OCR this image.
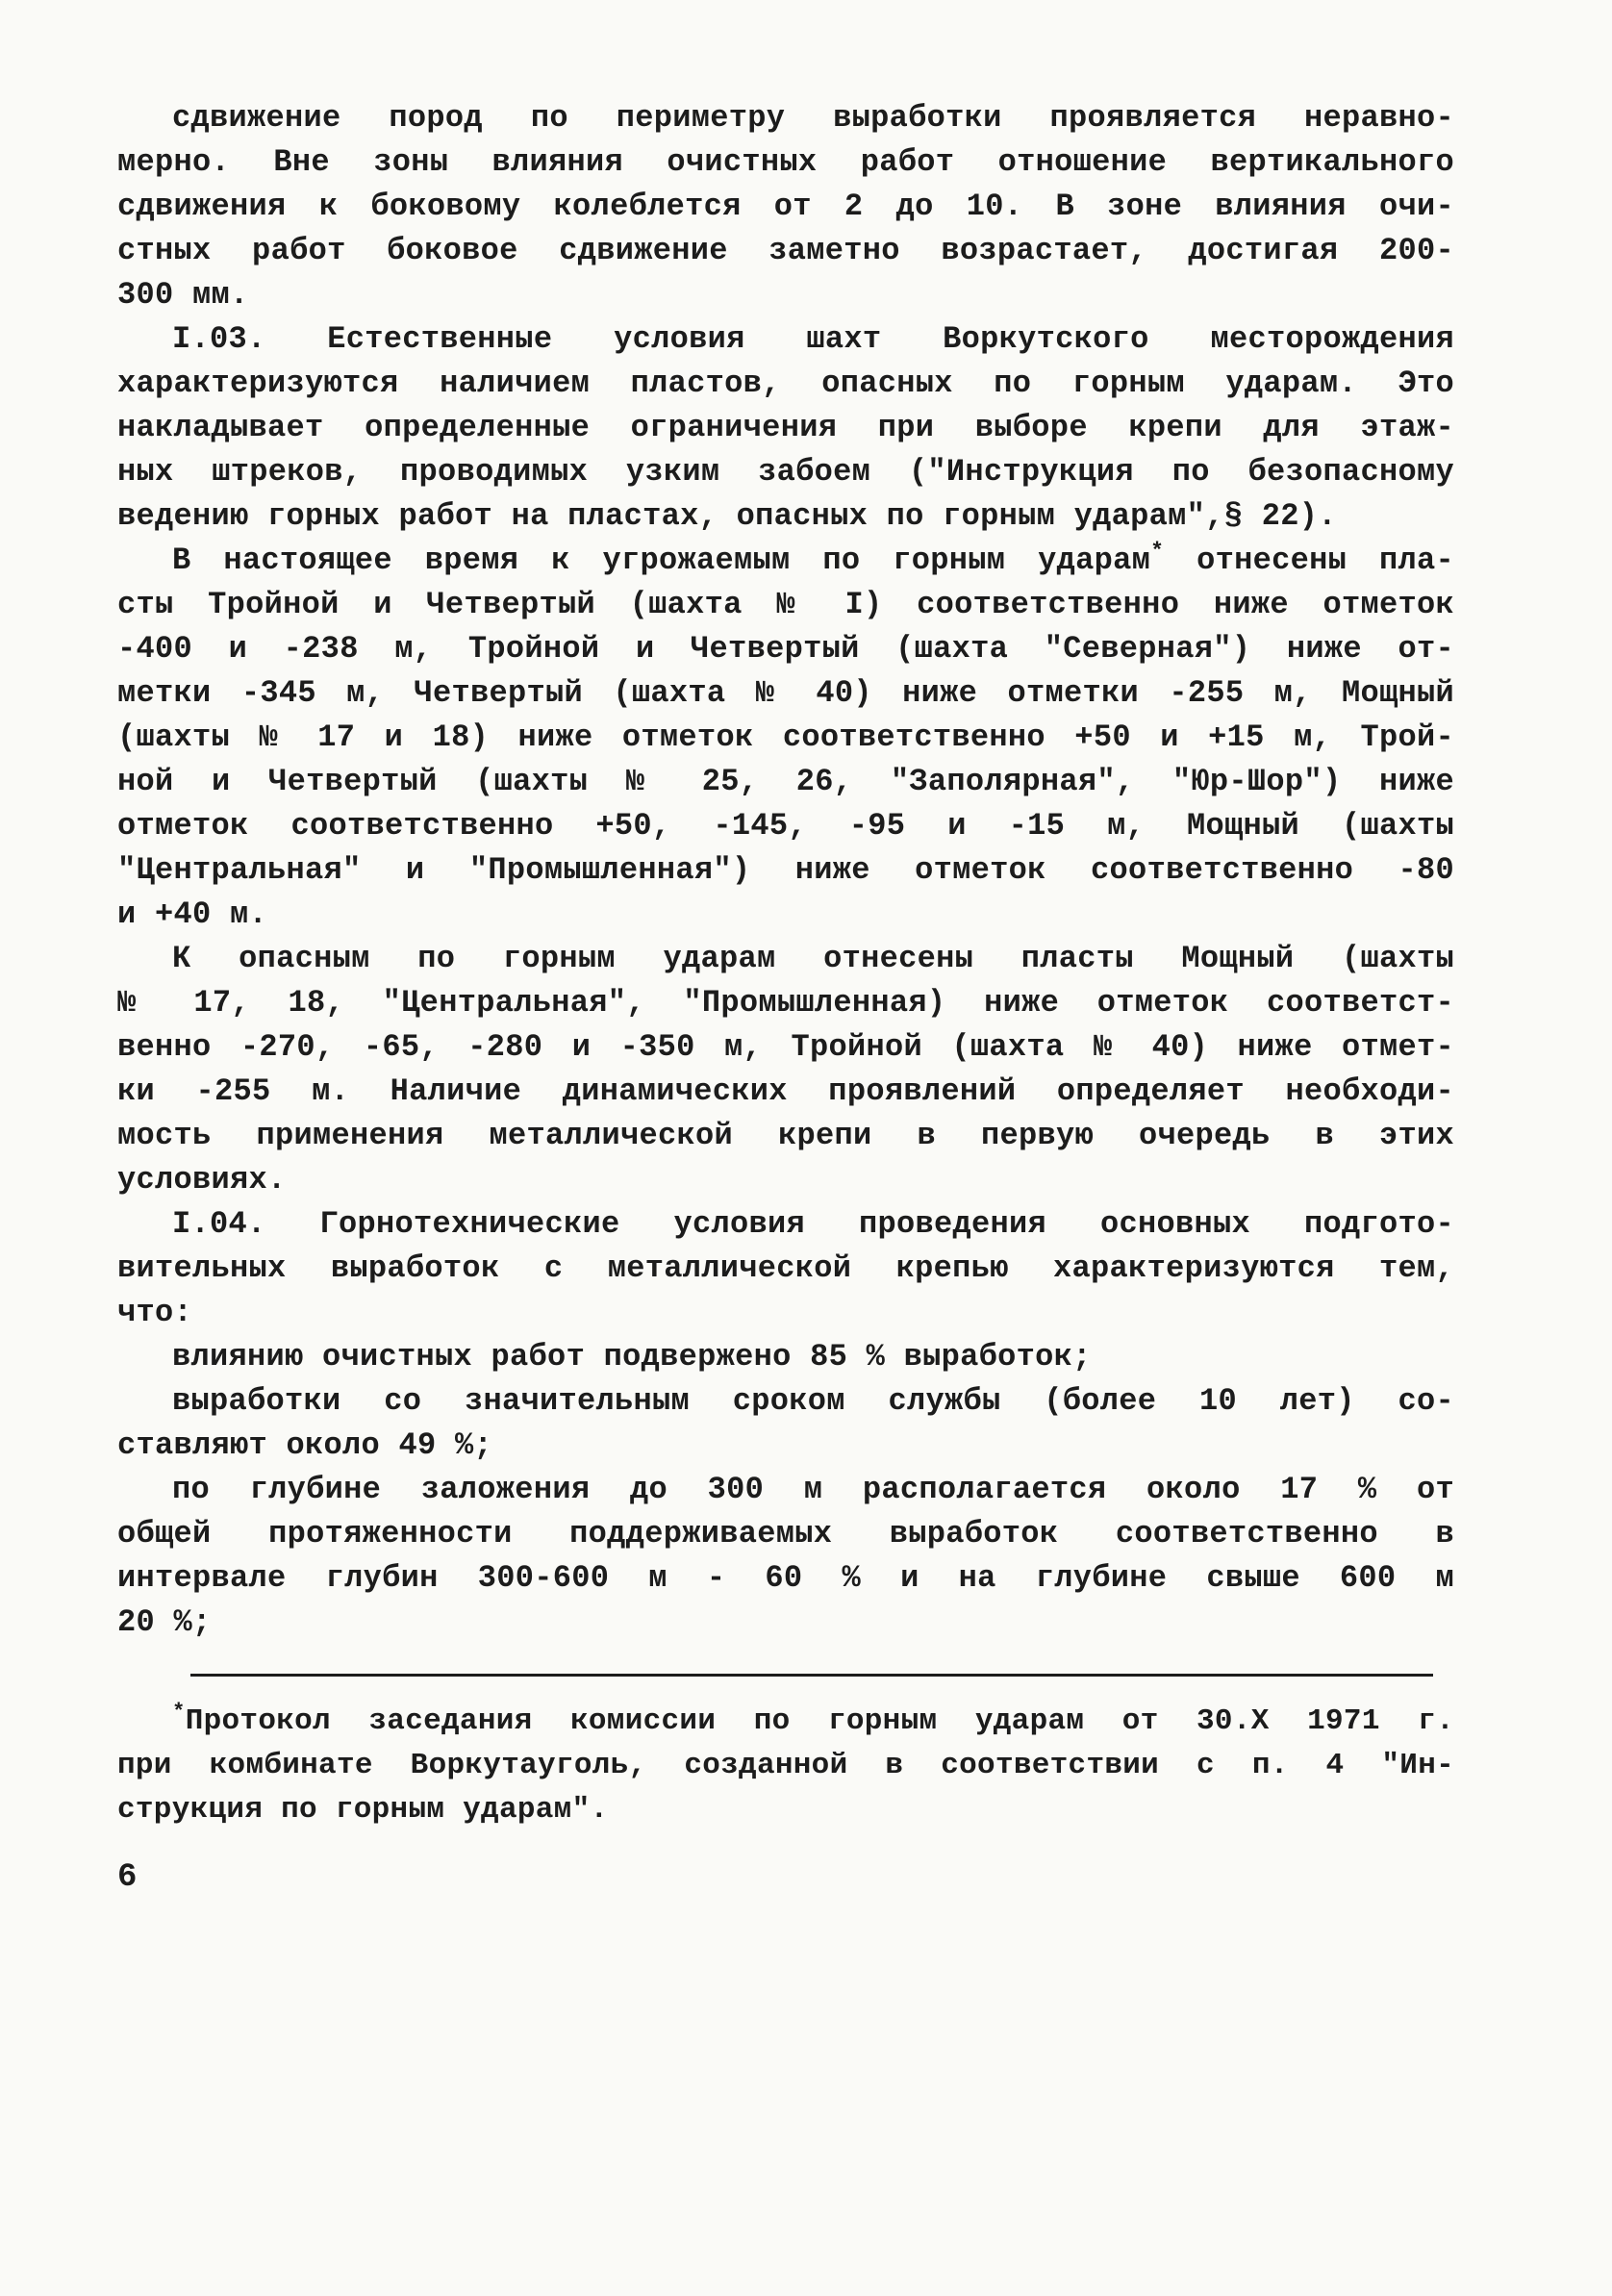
сдвижение пород по периметру выработки проявляется неравно-
мерно. Вне зоны влияния очистных работ отношение вертикального
сдвижения к боковому колеблется от 2 до 10. В зоне влияния очи-
стных работ боковое сдвижение заметно возрастает, достигая 200-
300 мм.
I.03. Естественные условия шахт Воркутского месторождения
характеризуются наличием пластов, опасных по горным ударам. Это
накладывает определенные ограничения при выборе крепи для этаж-
ных штреков, проводимых узким забоем ("Инструкция по безопасному
ведению горных работ на пластах, опасных по горным ударам",§ 22).
В настоящее время к угрожаемым по горным ударам* отнесены пла-
сты Тройной и Четвертый (шахта № I) соответственно ниже отметок
-400 и -238 м, Тройной и Четвертый (шахта "Северная") ниже от-
метки -345 м, Четвертый (шахта № 40) ниже отметки -255 м, Мощный
(шахты № 17 и 18) ниже отметок соответственно +50 и +15 м, Трой-
ной и Четвертый (шахты № 25, 26, "Заполярная", "Юр-Шор") ниже
отметок соответственно +50, -145, -95 и -15 м, Мощный (шахты
"Центральная" и "Промышленная") ниже отметок соответственно -80
и +40 м.
К опасным по горным ударам отнесены пласты Мощный (шахты
№ 17, 18, "Центральная", "Промышленная) ниже отметок соответст-
венно -270, -65, -280 и -350 м, Тройной (шахта № 40) ниже отмет-
ки -255 м. Наличие динамических проявлений определяет необходи-
мость применения металлической крепи в первую очередь в этих
условиях.
I.04. Горнотехнические условия проведения основных подгото-
вительных выработок с металлической крепью характеризуются тем,
что:
влиянию очистных работ подвержено 85 % выработок;
выработки со значительным сроком службы (более 10 лет) со-
ставляют около 49 %;
по глубине заложения до 300 м располагается около 17 % от
общей протяженности поддерживаемых выработок соответственно в
интервале глубин 300-600 м - 60 % и на глубине свыше 600 м
20 %;
*Протокол заседания комиссии по горным ударам от 30.X 1971 г.
при комбинате Воркутауголь, созданной в соответствии с п. 4 "Ин-
струкция по горным ударам".
6
